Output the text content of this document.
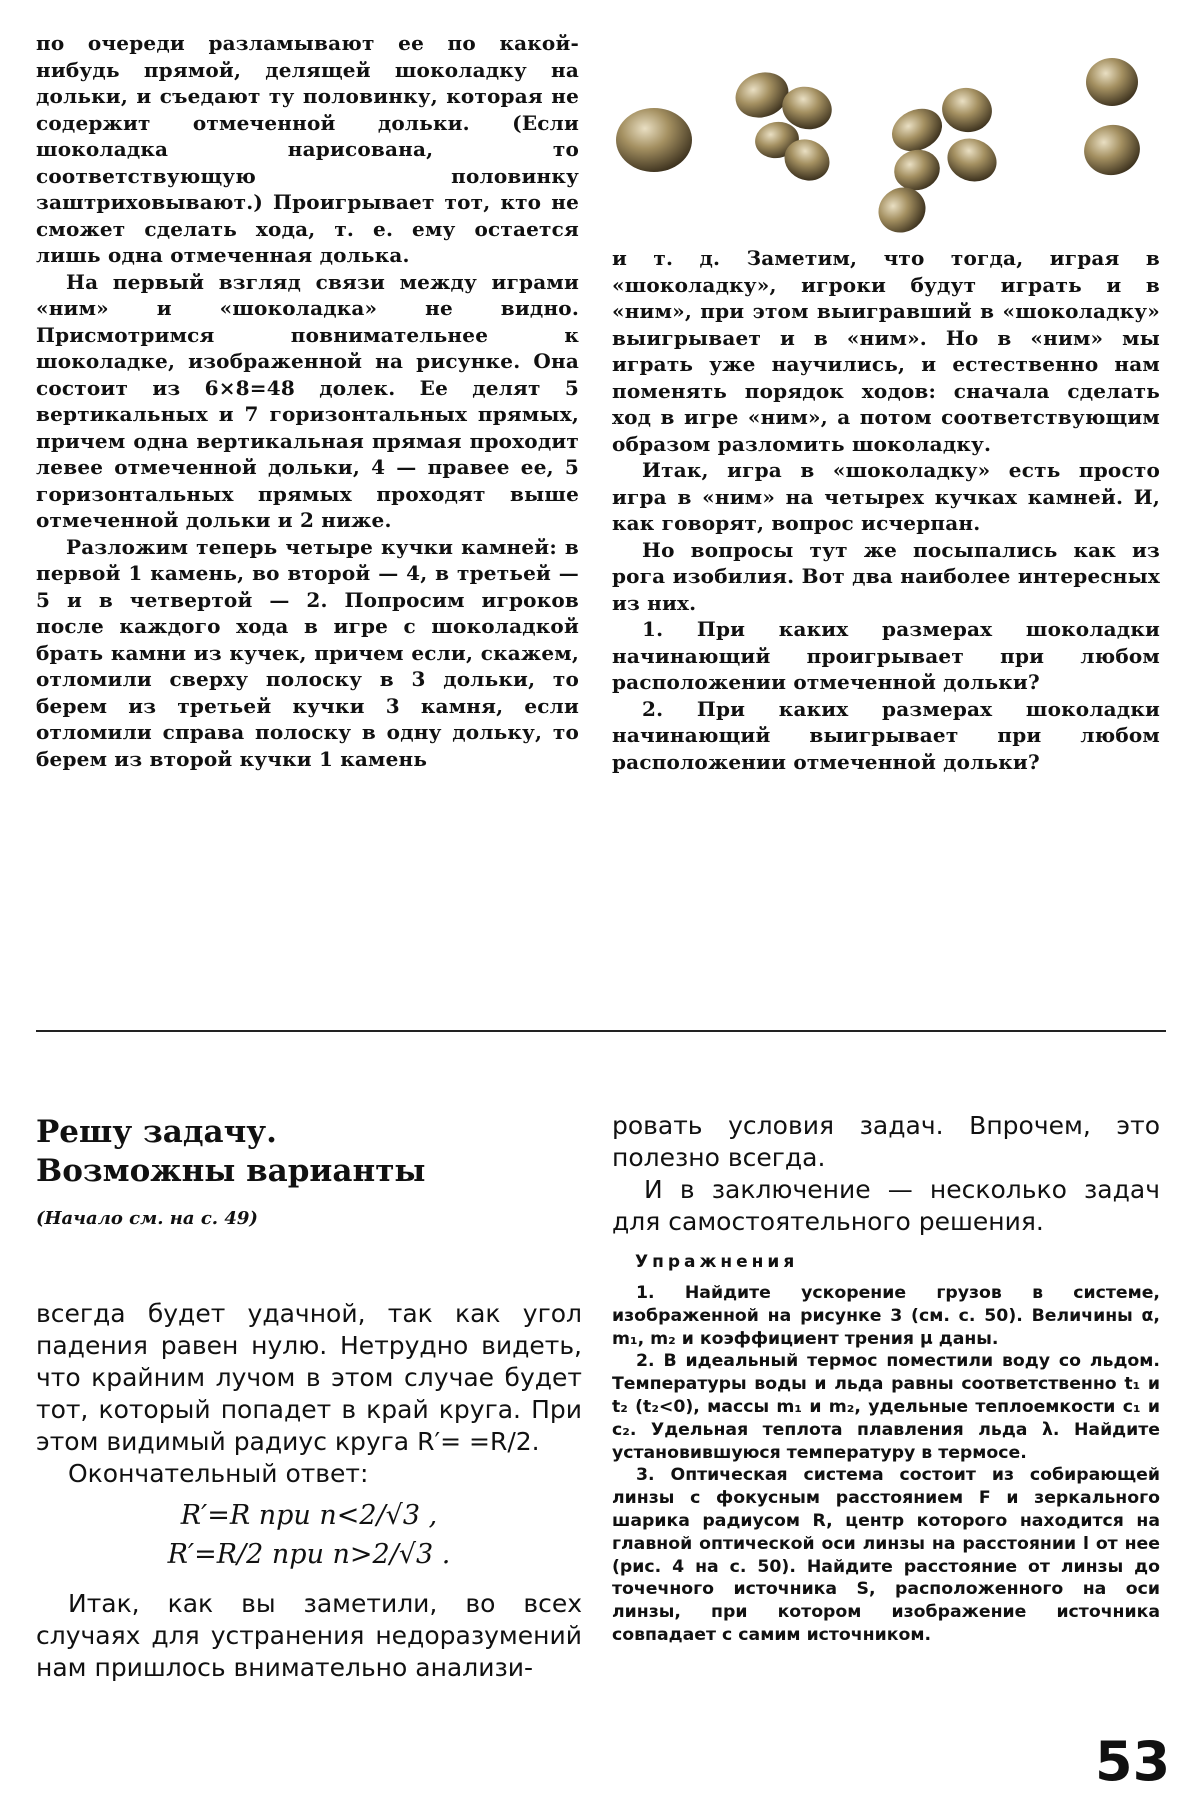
по очереди разламывают ее по какой-нибудь прямой, делящей шоколадку на дольки, и съедают ту половинку, которая не содержит отмеченной дольки. (Если шоколадка нарисована, то соответствующую половинку заштриховывают.) Проигрывает тот, кто не сможет сделать хода, т. е. ему остается лишь одна отмеченная долька.

На первый взгляд связи между играми «ним» и «шоколадка» не видно. Присмотримся повнимательнее к шоколадке, изображенной на рисунке. Она состоит из 6×8=48 долек. Ее делят 5 вертикальных и 7 горизонтальных прямых, причем одна вертикальная прямая проходит левее отмеченной дольки, 4 — правее ее, 5 горизонтальных прямых проходят выше отмеченной дольки и 2 ниже.

Разложим теперь четыре кучки камней: в первой 1 камень, во второй — 4, в третьей — 5 и в четвертой — 2. Попросим игроков после каждого хода в игре с шоколадкой брать камни из кучек, причем если, скажем, отломили сверху полоску в 3 дольки, то берем из третьей кучки 3 камня, если отломили справа полоску в одну дольку, то берем из второй кучки 1 камень

и т. д. Заметим, что тогда, играя в «шоколадку», игроки будут играть и в «ним», при этом выигравший в «шоколадку» выигрывает и в «ним». Но в «ним» мы играть уже научились, и естественно нам поменять порядок ходов: сначала сделать ход в игре «ним», а потом соответствующим образом разломить шоколадку.

Итак, игра в «шоколадку» есть просто игра в «ним» на четырех кучках камней. И, как говорят, вопрос исчерпан.

Но вопросы тут же посыпались как из рога изобилия. Вот два наиболее интересных из них.

1. При каких размерах шоколадки начинающий проигрывает при любом расположении отмеченной дольки?

2. При каких размерах шоколадки начинающий выигрывает при любом расположении отмеченной дольки?

Решу задачу.
Возможны варианты
(Начало см. на с. 49)

всегда будет удачной, так как угол падения равен нулю. Нетрудно видеть, что крайним лучом в этом случае будет тот, который попадет в край круга. При этом видимый радиус круга R′= =R/2.

Окончательный ответ:

R′=R при n<2/√3 ,
R′=R/2 при n>2/√3 .

Итак, как вы заметили, во всех случаях для устранения недоразумений нам пришлось внимательно анализи-

ровать условия задач. Впрочем, это полезно всегда.

И в заключение — несколько задач для самостоятельного решения.

Упражнения

1. Найдите ускорение грузов в системе, изображенной на рисунке 3 (см. с. 50). Величины α, m₁, m₂ и коэффициент трения μ даны.

2. В идеальный термос поместили воду со льдом. Температуры воды и льда равны соответственно t₁ и t₂ (t₂<0), массы m₁ и m₂, удельные теплоемкости c₁ и c₂. Удельная теплота плавления льда λ. Найдите установившуюся температуру в термосе.

3. Оптическая система состоит из собирающей линзы с фокусным расстоянием F и зеркального шарика радиусом R, центр которого находится на главной оптической оси линзы на расстоянии l от нее (рис. 4 на с. 50). Найдите расстояние от линзы до точечного источника S, расположенного на оси линзы, при котором изображение источника совпадает с самим источником.

53
